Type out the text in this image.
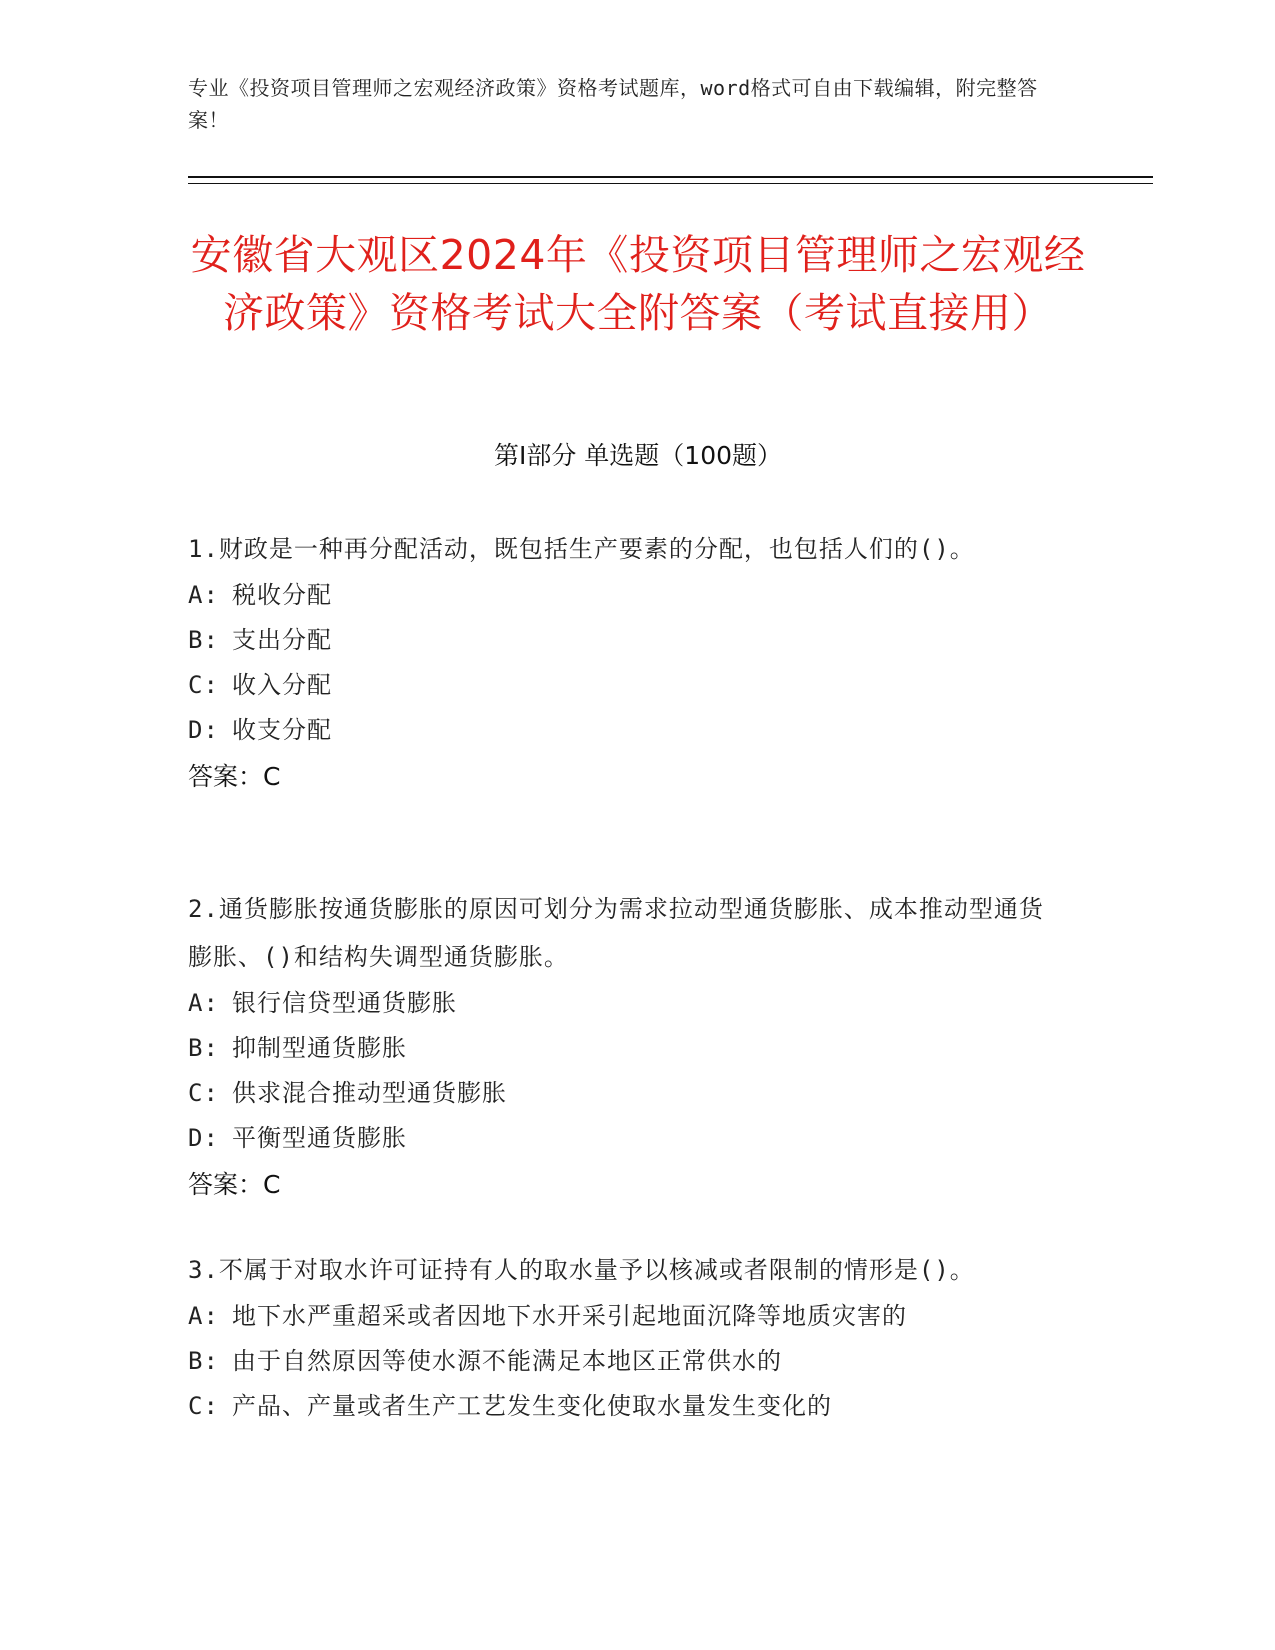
专业《投资项目管理师之宏观经济政策》资格考试题库，word格式可自由下载编辑，附完整答案！
安徽省大观区2024年《投资项目管理师之宏观经济政策》资格考试大全附答案（考试直接用）
第Ⅰ部分 单选题（100题）

1.财政是一种再分配活动，既包括生产要素的分配，也包括人们的()。

A: 税收分配

B: 支出分配

C: 收入分配

D: 收支分配

答案：C

2.通货膨胀按通货膨胀的原因可划分为需求拉动型通货膨胀、成本推动型通货膨胀、()和结构失调型通货膨胀。

A: 银行信贷型通货膨胀

B: 抑制型通货膨胀

C: 供求混合推动型通货膨胀

D: 平衡型通货膨胀

答案：C

3.不属于对取水许可证持有人的取水量予以核减或者限制的情形是()。

A: 地下水严重超采或者因地下水开采引起地面沉降等地质灾害的

B: 由于自然原因等使水源不能满足本地区正常供水的

C: 产品、产量或者生产工艺发生变化使取水量发生变化的
